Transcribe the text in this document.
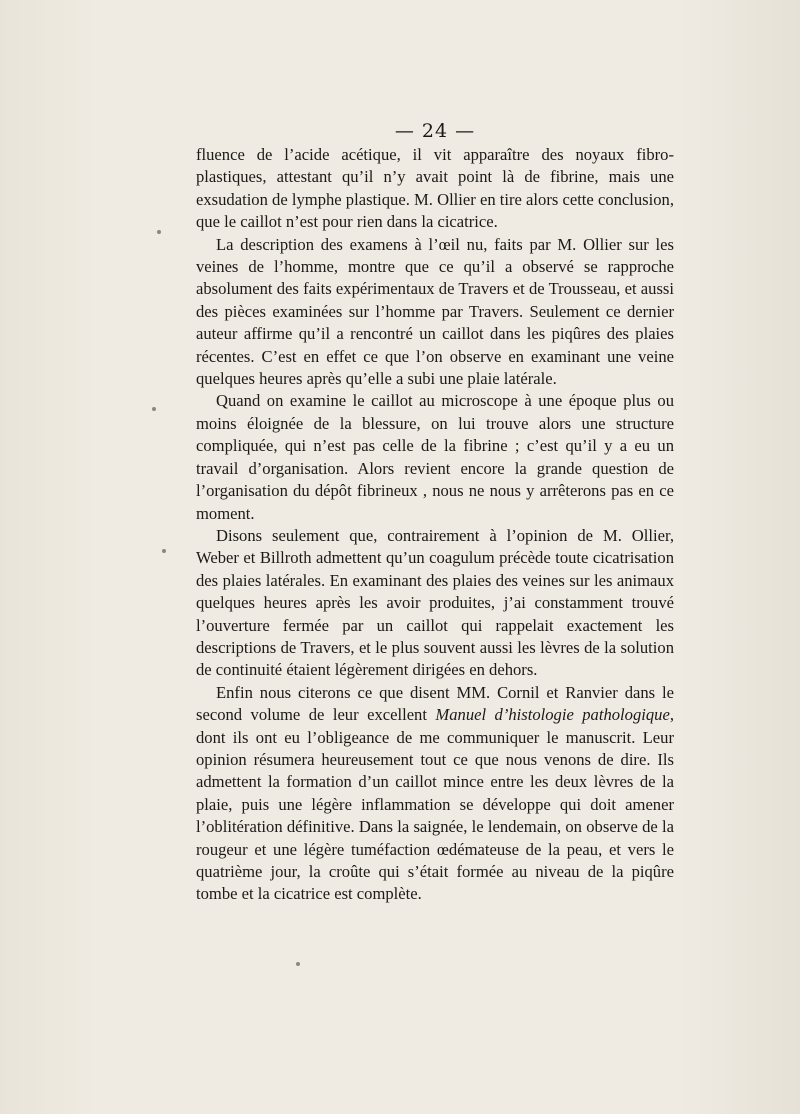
— 24 —

fluence de l’acide acétique, il vit apparaître des noyaux fibro-plastiques, attestant qu’il n’y avait point là de fibrine, mais une exsudation de lymphe plastique. M. Ollier en tire alors cette conclusion, que le caillot n’est pour rien dans la cicatrice.

La description des examens à l’œil nu, faits par M. Ollier sur les veines de l’homme, montre que ce qu’il a observé se rapproche absolument des faits expérimentaux de Travers et de Trousseau, et aussi des pièces examinées sur l’homme par Travers. Seulement ce dernier auteur affirme qu’il a rencontré un caillot dans les piqûres des plaies récentes. C’est en effet ce que l’on observe en examinant une veine quelques heures après qu’elle a subi une plaie latérale.

Quand on examine le caillot au microscope à une époque plus ou moins éloignée de la blessure, on lui trouve alors une structure compliquée, qui n’est pas celle de la fibrine ; c’est qu’il y a eu un travail d’organisation. Alors revient encore la grande question de l’organisation du dépôt fibrineux , nous ne nous y arrêterons pas en ce moment.

Disons seulement que, contrairement à l’opinion de M. Ollier, Weber et Billroth admettent qu’un coagulum précède toute cicatrisation des plaies latérales. En examinant des plaies des veines sur les animaux quelques heures après les avoir produites, j’ai constamment trouvé l’ouverture fermée par un caillot qui rappelait exactement les descriptions de Travers, et le plus souvent aussi les lèvres de la solution de continuité étaient légèrement dirigées en dehors.

Enfin nous citerons ce que disent MM. Cornil et Ranvier dans le second volume de leur excellent Manuel d’histologie pathologique, dont ils ont eu l’obligeance de me communiquer le manuscrit. Leur opinion résumera heureusement tout ce que nous venons de dire. Ils admettent la formation d’un caillot mince entre les deux lèvres de la plaie, puis une légère inflammation se développe qui doit amener l’oblitération définitive. Dans la saignée, le lendemain, on observe de la rougeur et une légère tuméfaction œdémateuse de la peau, et vers le quatrième jour, la croûte qui s’était formée au niveau de la piqûre tombe et la cicatrice est complète.
